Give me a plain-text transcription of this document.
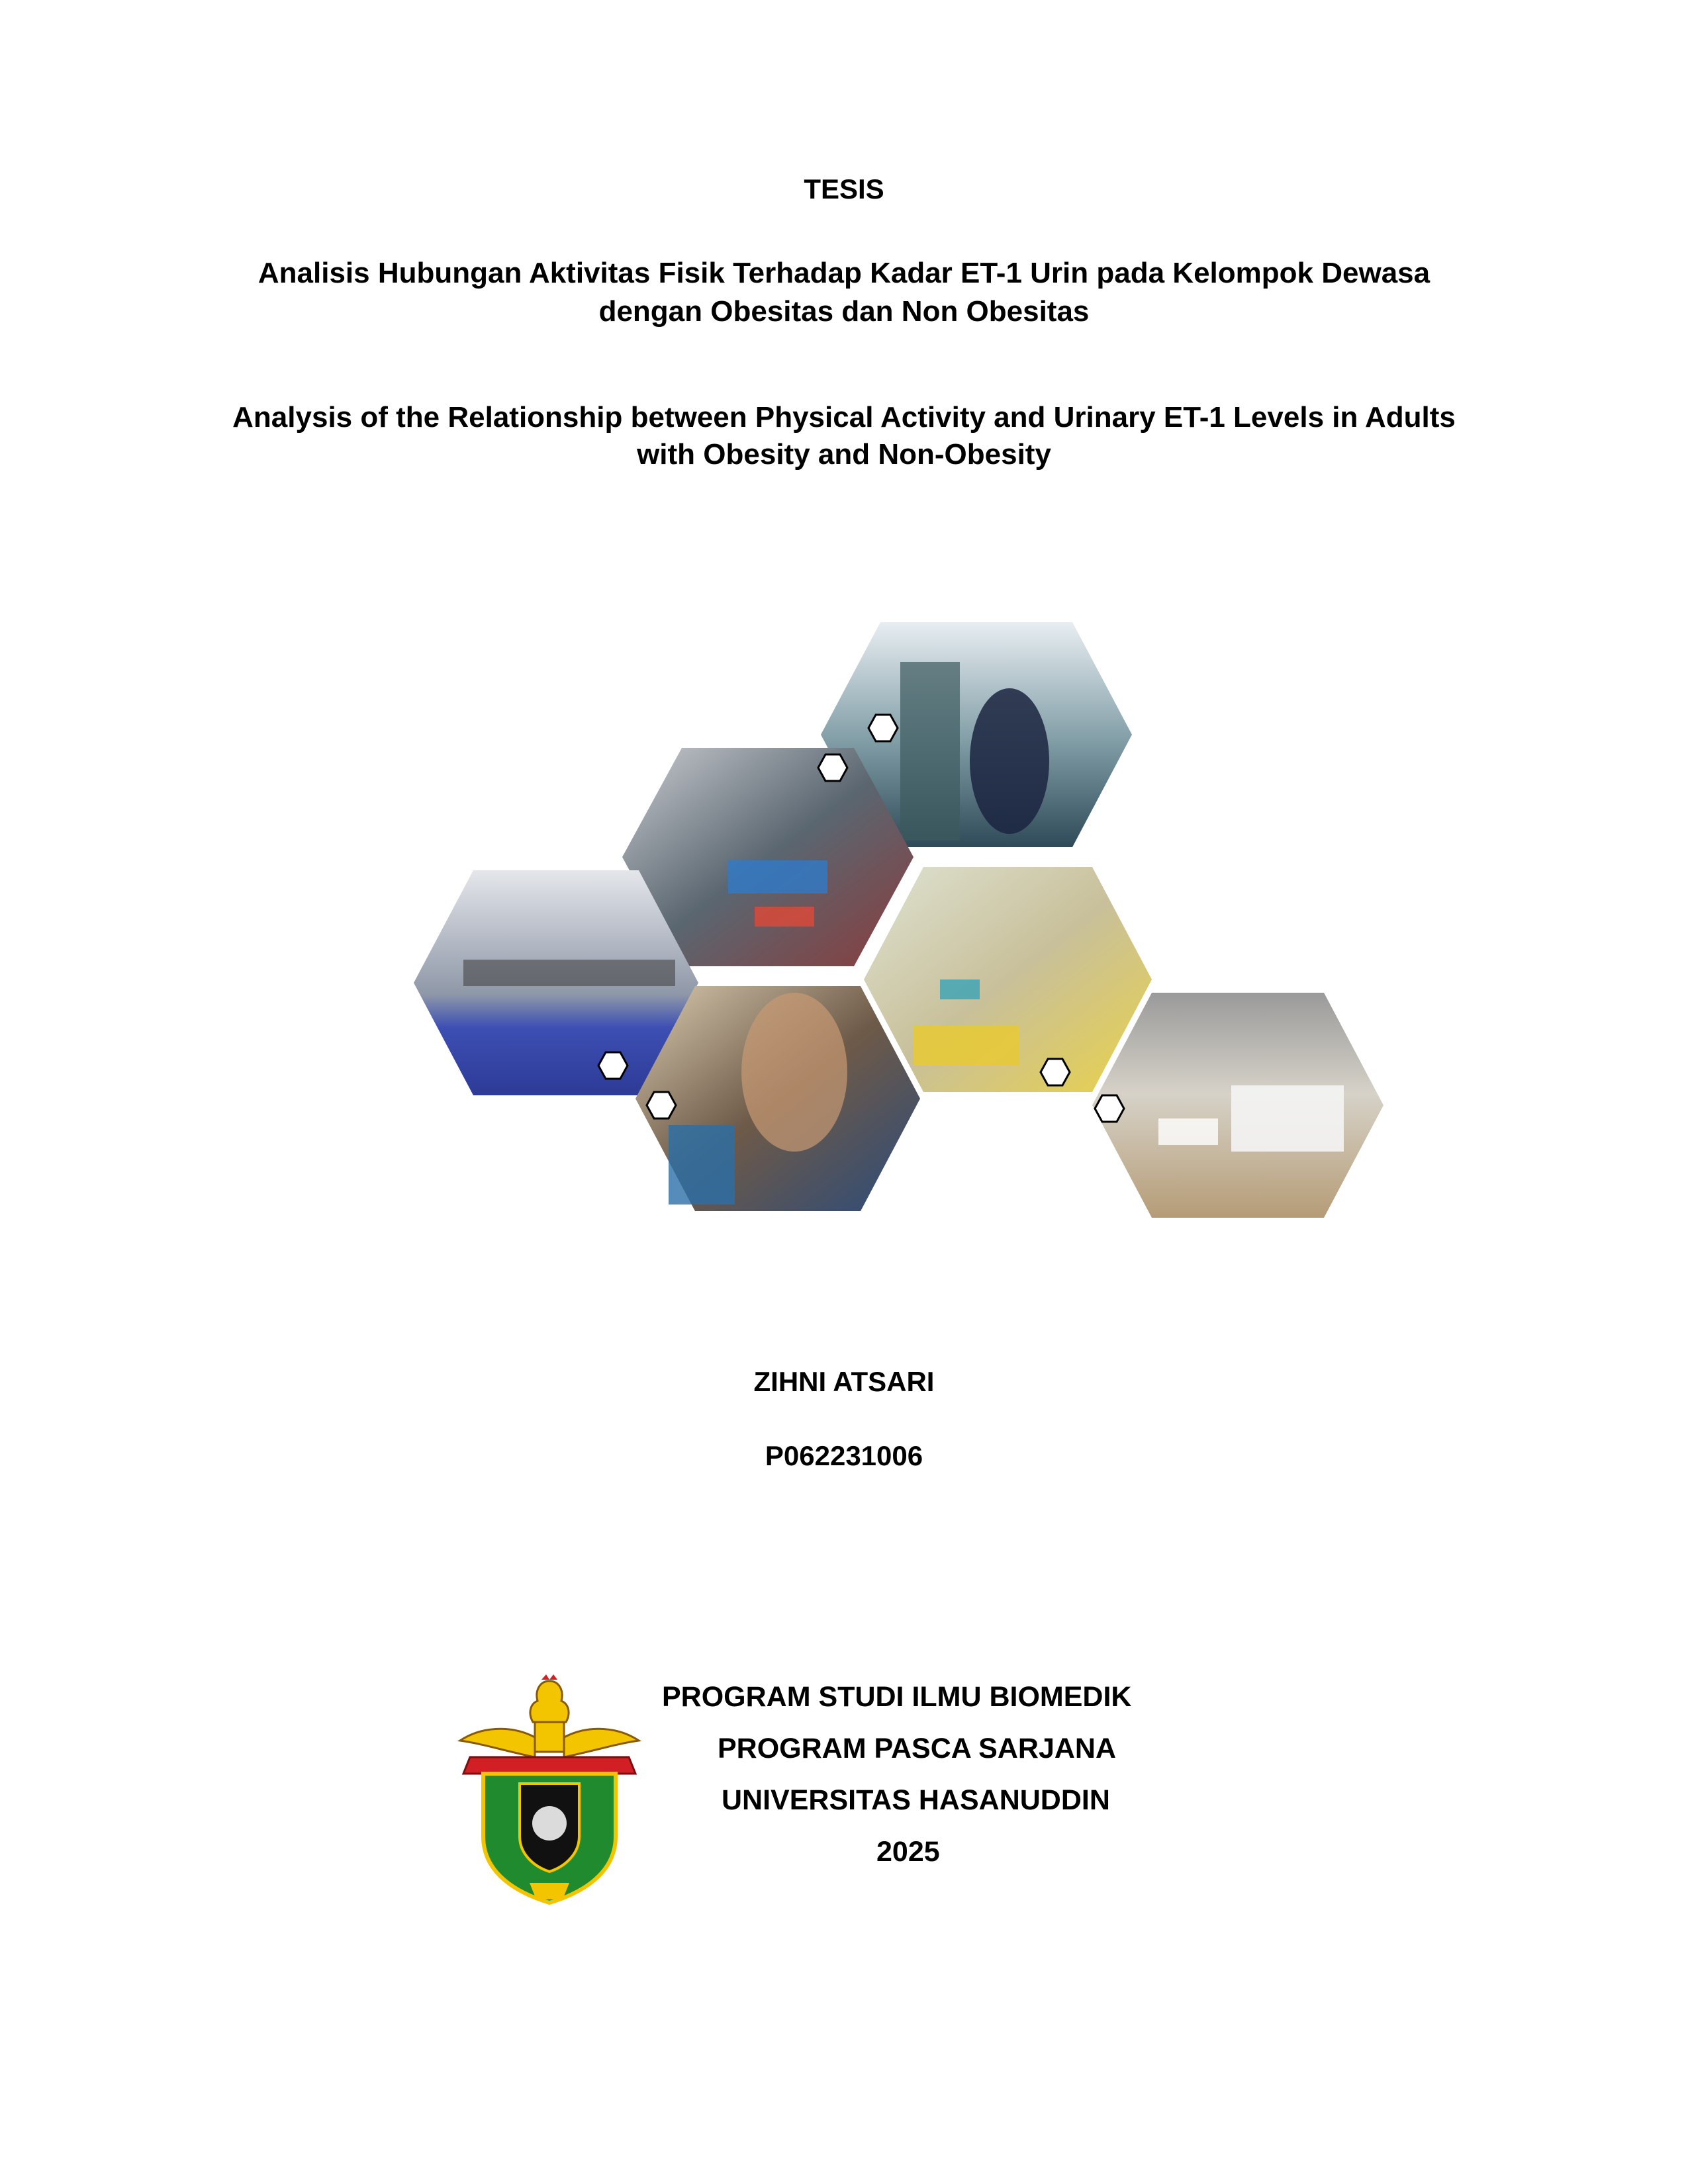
TESIS
Analisis Hubungan Aktivitas Fisik Terhadap Kadar ET-1 Urin pada Kelompok Dewasa
dengan Obesitas dan Non Obesitas
Analysis of the Relationship between Physical Activity and Urinary ET-1 Levels in Adults
with Obesity and Non-Obesity
ZIHNI ATSARI
P062231006
PROGRAM STUDI ILMU BIOMEDIK
PROGRAM PASCA SARJANA
UNIVERSITAS HASANUDDIN
2025
